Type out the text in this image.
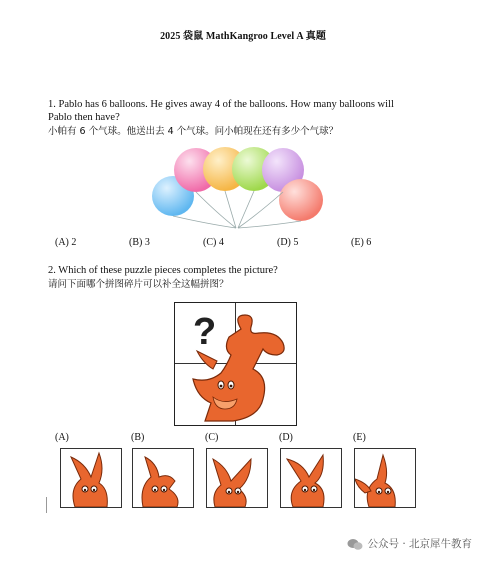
2025 袋鼠 MathKangroo Level A 真题
1. Pablo has 6 balloons. He gives away 4 of the balloons. How many balloons will
Pablo then have?
小帕有 6 个气球。他送出去 4 个气球。问小帕现在还有多少个气球？
(A) 2	(B) 3	(C) 4	(D) 5	(E) 6
2. Which of these puzzle pieces completes the picture?
请问下面哪个拼图碎片可以补全这幅拼图？
?
(A)	(B)	(C)	(D)	(E)
公众号 · 北京犀牛教育
